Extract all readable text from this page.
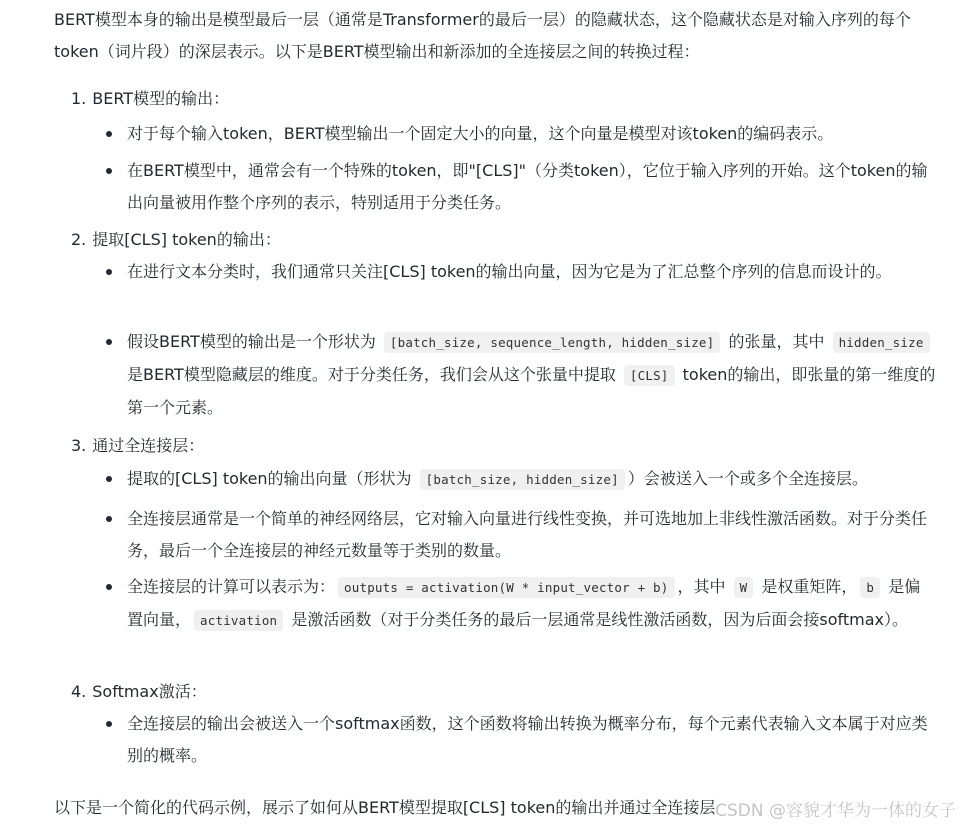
BERT模型本身的输出是模型最后一层（通常是Transformer的最后一层）的隐藏状态，这个隐藏状态是对输入序列的每个token（词片段）的深层表示。以下是BERT模型输出和新添加的全连接层之间的转换过程：

1. BERT模型的输出：
对于每个输入token，BERT模型输出一个固定大小的向量，这个向量是模型对该token的编码表示。
在BERT模型中，通常会有一个特殊的token，即"[CLS]"（分类token），它位于输入序列的开始。这个token的输出向量被用作整个序列的表示，特别适用于分类任务。
2. 提取[CLS] token的输出：
在进行文本分类时，我们通常只关注[CLS] token的输出向量，因为它是为了汇总整个序列的信息而设计的。
假设BERT模型的输出是一个形状为 [batch_size, sequence_length, hidden_size] 的张量，其中 hidden_size 是BERT模型隐藏层的维度。对于分类任务，我们会从这个张量中提取 [CLS] token的输出，即张量的第一维度的第一个元素。
3. 通过全连接层：
提取的[CLS] token的输出向量（形状为 [batch_size, hidden_size] ）会被送入一个或多个全连接层。
全连接层通常是一个简单的神经网络层，它对输入向量进行线性变换，并可选地加上非线性激活函数。对于分类任务，最后一个全连接层的神经元数量等于类别的数量。
全连接层的计算可以表示为： outputs = activation(W * input_vector + b) ，其中 W 是权重矩阵， b 是偏置向量， activation 是激活函数（对于分类任务的最后一层通常是线性激活函数，因为后面会接softmax）。
4. Softmax激活：
全连接层的输出会被送入一个softmax函数，这个函数将输出转换为概率分布，每个元素代表输入文本属于对应类别的概率。

以下是一个简化的代码示例，展示了如何从BERT模型提取[CLS] token的输出并通过全连接层 CSDN @容貌才华为一体的女子
